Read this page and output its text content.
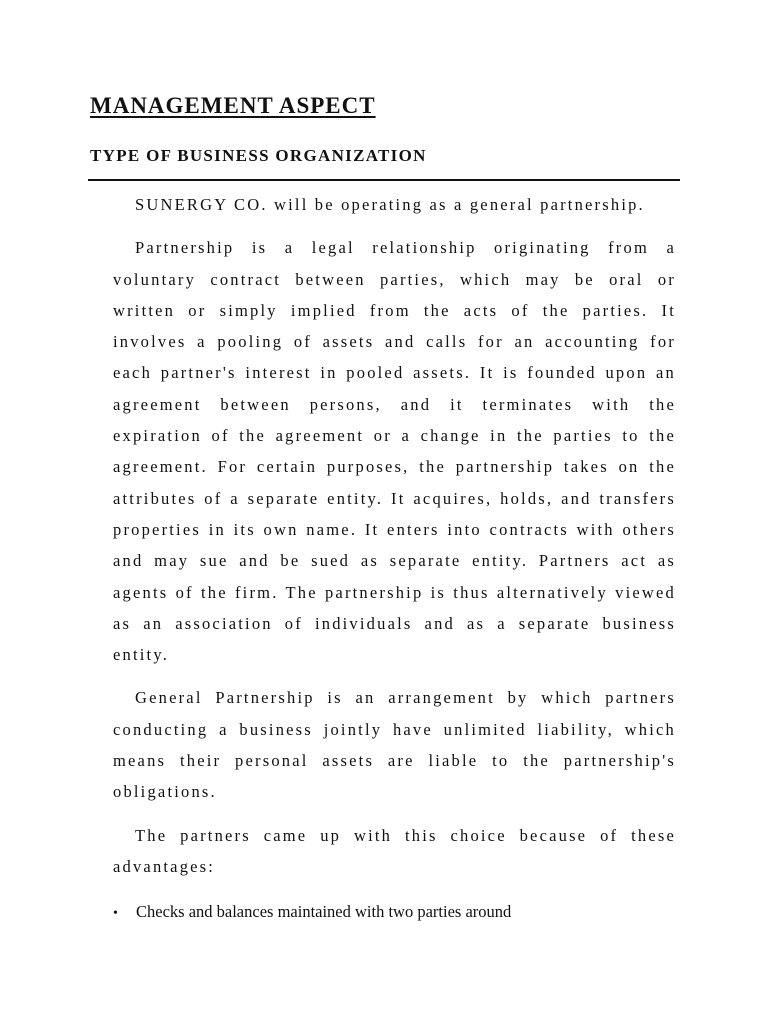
MANAGEMENT ASPECT
TYPE OF BUSINESS ORGANIZATION

SUNERGY CO. will be operating as a general partnership.

Partnership is a legal relationship originating from a voluntary contract between parties, which may be oral or written or simply implied from the acts of the parties. It involves a pooling of assets and calls for an accounting for each partner's interest in pooled assets. It is founded upon an agreement between persons, and it terminates with the expiration of the agreement or a change in the parties to the agreement. For certain purposes, the partnership takes on the attributes of a separate entity. It acquires, holds, and transfers properties in its own name. It enters into contracts with others and may sue and be sued as separate entity. Partners act as agents of the firm. The partnership is thus alternatively viewed as an association of individuals and as a separate business entity.

General Partnership is an arrangement by which partners conducting a business jointly have unlimited liability, which means their personal assets are liable to the partnership's obligations.

The partners came up with this choice because of these advantages:

•	Checks and balances maintained with two parties around
